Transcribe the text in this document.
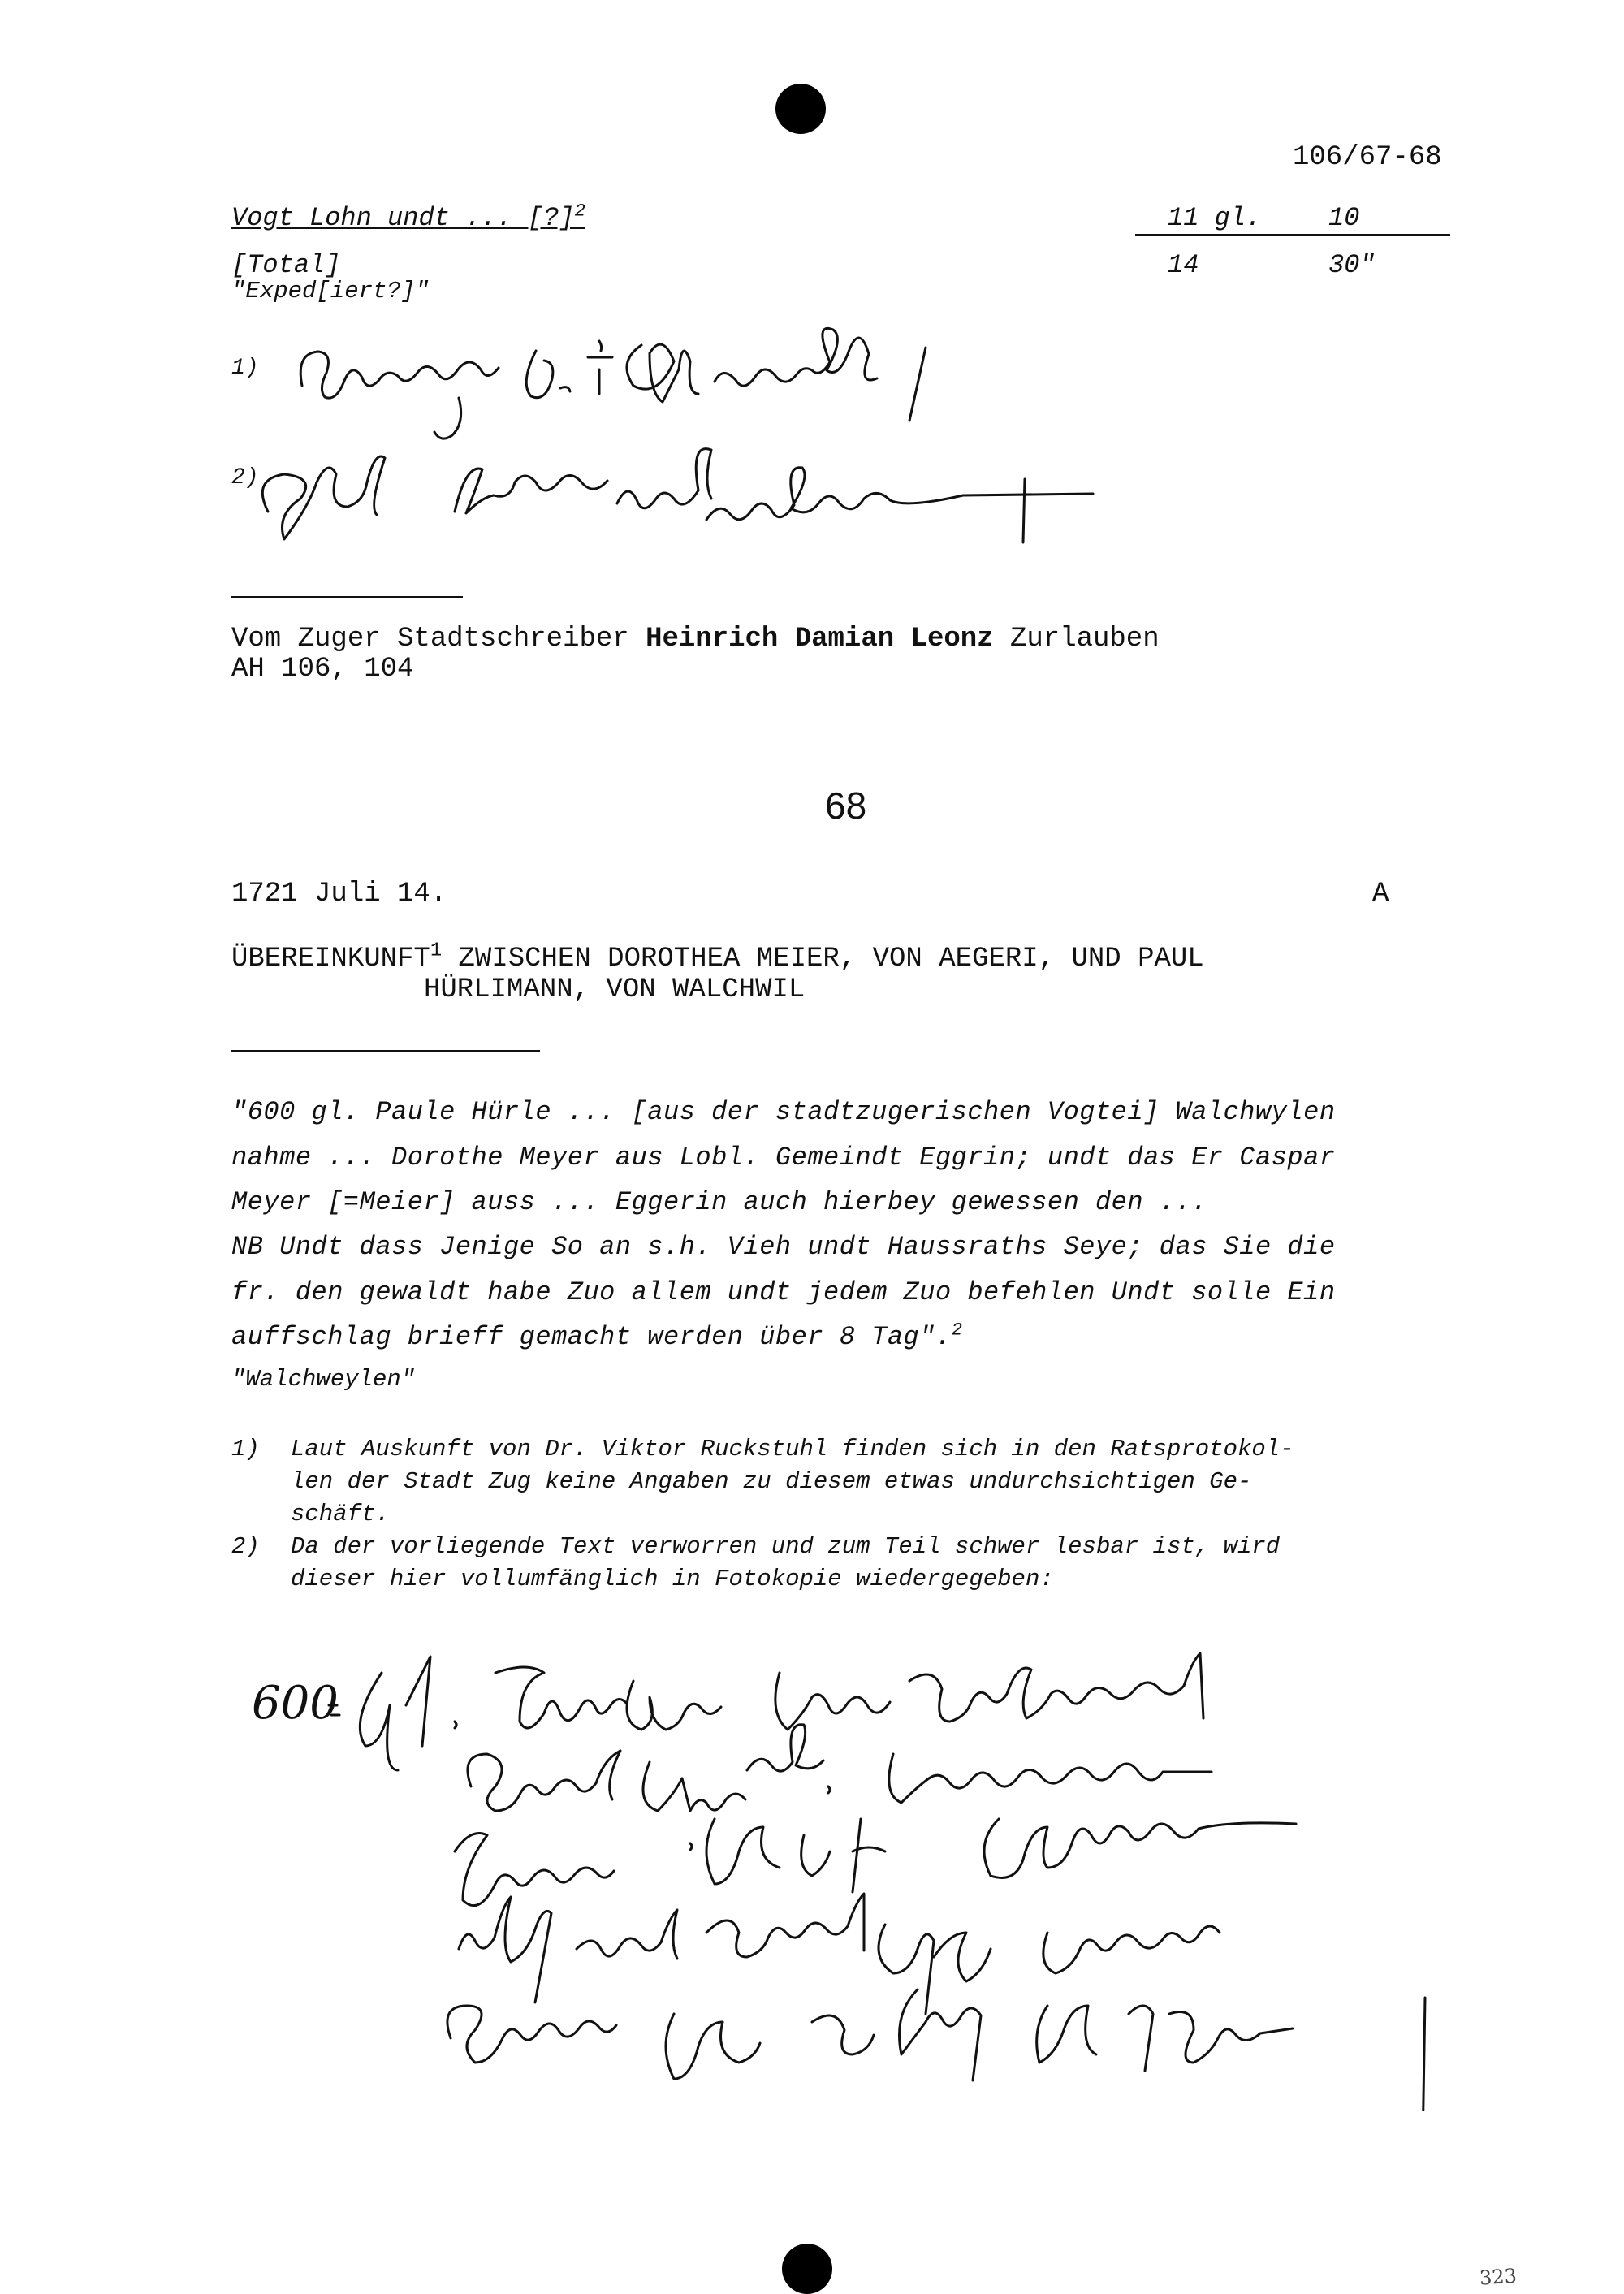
106/67-68
Vogt Lohn undt ... [?]$^2$	11 gl.	10
[Total]	14	30"
"Exped[iert?]"
1)
2)
Vom Zuger Stadtschreiber Heinrich Damian Leonz Zurlauben
AH 106, 104
68
1721 Juli 14.	A
ÜBEREINKUNFT$^1$ ZWISCHEN DOROTHEA MEIER, VON AEGERI, UND PAUL
HÜRLIMANN, VON WALCHWIL
"600 gl. Paule Hürle ... [aus der stadtzugerischen Vogtei] Walchwylen
nahme ... Dorothe Meyer aus Lobl. Gemeindt Eggrin; undt das Er Caspar
Meyer [=Meier] auss ... Eggerin auch hierbey gewessen den ...
NB Undt dass Jenige So an s.h. Vieh undt Haussraths Seye; das Sie die
fr. den gewaldt habe Zuo allem undt jedem Zuo befehlen Undt solle Ein
auffschlag brieff gemacht werden über 8 Tag".$^2$
"Walchweylen"
1) Laut Auskunft von Dr. Viktor Ruckstuhl finden sich in den Ratsprotokol-
len der Stadt Zug keine Angaben zu diesem etwas undurchsichtigen Ge-
schäft.
2) Da der vorliegende Text verworren und zum Teil schwer lesbar ist, wird
dieser hier vollumfänglich in Fotokopie wiedergegeben:
600
323
